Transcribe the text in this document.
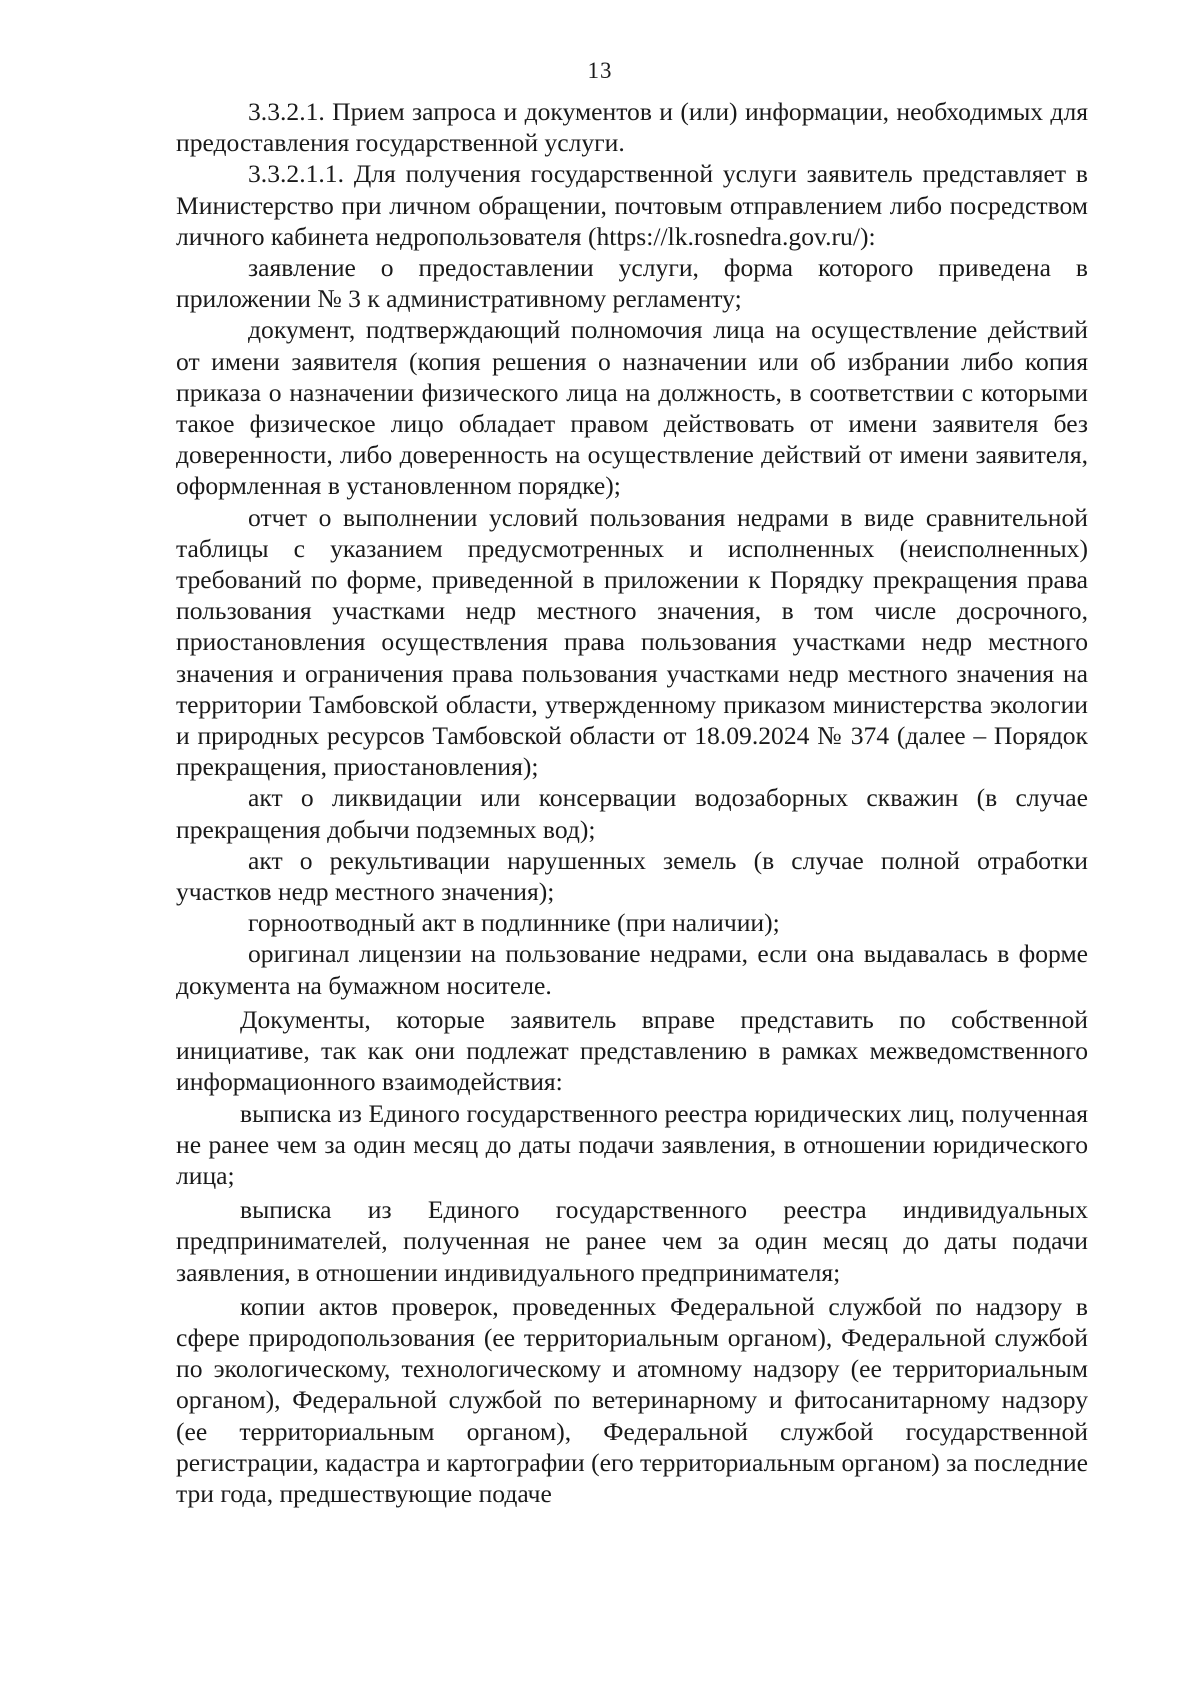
13

3.3.2.1. Прием запроса и документов и (или) информации, необходимых для предоставления государственной услуги.

3.3.2.1.1. Для получения государственной услуги заявитель представляет в Министерство при личном обращении, почтовым отправлением либо посредством личного кабинета недропользователя (https://lk.rosnedra.gov.ru/):

заявление о предоставлении услуги, форма которого приведена в приложении № 3 к административному регламенту;

документ, подтверждающий полномочия лица на осуществление действий от имени заявителя (копия решения о назначении или об избрании либо копия приказа о назначении физического лица на должность, в соответствии с которыми такое физическое лицо обладает правом действовать от имени заявителя без доверенности, либо доверенность на осуществление действий от имени заявителя, оформленная в установленном порядке);

отчет о выполнении условий пользования недрами в виде сравнительной таблицы с указанием предусмотренных и исполненных (неисполненных) требований по форме, приведенной в приложении к Порядку прекращения права пользования участками недр местного значения, в том числе досрочного, приостановления осуществления права пользования участками недр местного значения и ограничения права пользования участками недр местного значения на территории Тамбовской области, утвержденному приказом министерства экологии и природных ресурсов Тамбовской области от 18.09.2024 № 374 (далее – Порядок прекращения, приостановления);

акт о ликвидации или консервации водозаборных скважин (в случае прекращения добычи подземных вод);

акт о рекультивации нарушенных земель (в случае полной отработки участков недр местного значения);

горноотводный акт в подлиннике (при наличии);

оригинал лицензии на пользование недрами, если она выдавалась в форме документа на бумажном носителе.

Документы, которые заявитель вправе представить по собственной инициативе, так как они подлежат представлению в рамках межведомственного информационного взаимодействия:

выписка из Единого государственного реестра юридических лиц, полученная не ранее чем за один месяц до даты подачи заявления, в отношении юридического лица;

выписка из Единого государственного реестра индивидуальных предпринимателей, полученная не ранее чем за один месяц до даты подачи заявления, в отношении индивидуального предпринимателя;

копии актов проверок, проведенных Федеральной службой по надзору в сфере природопользования (ее территориальным органом), Федеральной службой по экологическому, технологическому и атомному надзору (ее территориальным органом), Федеральной службой по ветеринарному и фитосанитарному надзору (ее территориальным органом), Федеральной службой государственной регистрации, кадастра и картографии (его территориальным органом) за последние три года, предшествующие подаче
